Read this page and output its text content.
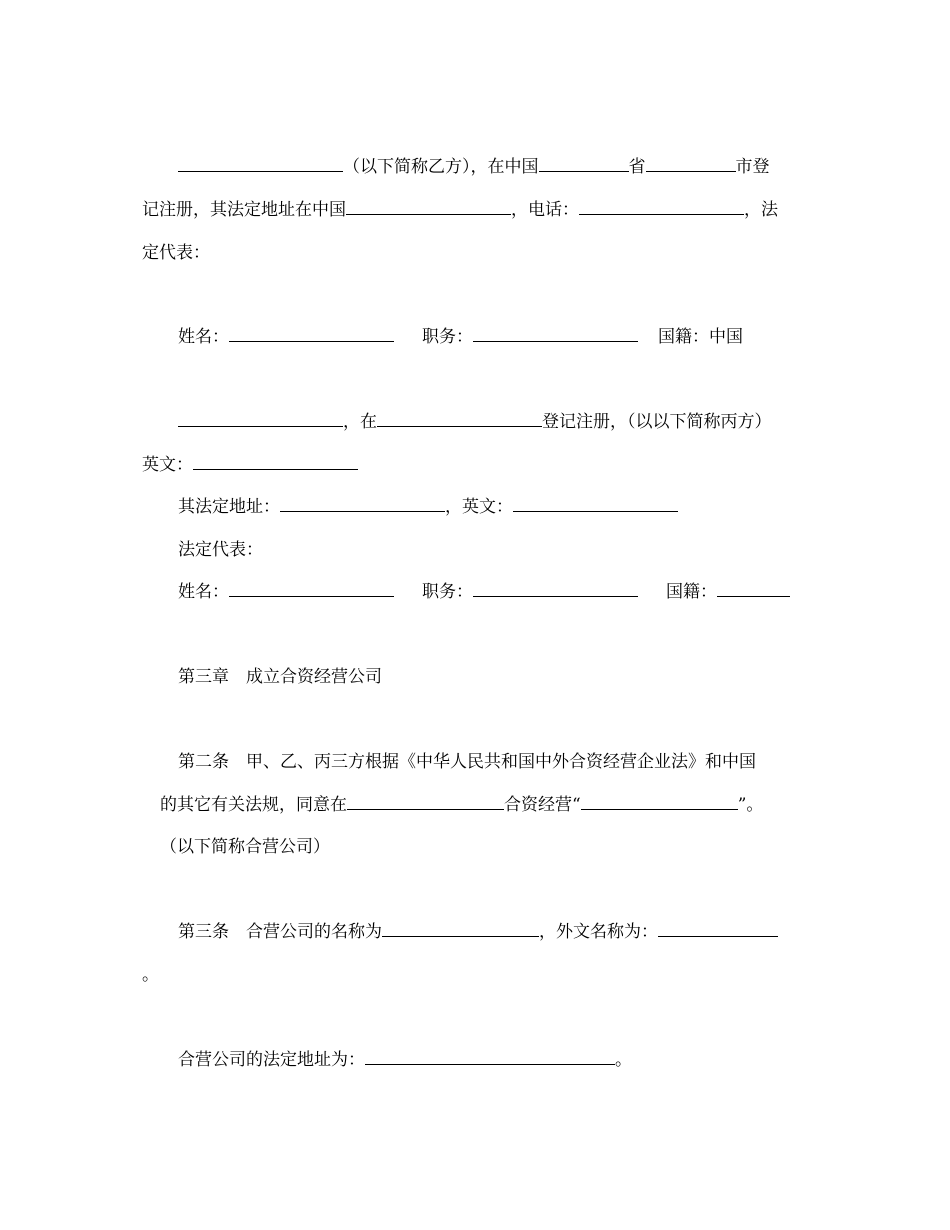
（以下简称乙方），在中国	省	市登
记注册，其法定地址在中国	，电话：	，法
定代表：
姓名：	职务：	国籍：中国
，在	登记注册，（以以下简称丙方）
英文：
其法定地址：	，英文：
法定代表：
姓名：	职务：	国籍：
第三章　成立合资经营公司
第二条　甲、乙、丙三方根据《中华人民共和国中外合资经营企业法》和中国
的其它有关法规，同意在	合资经营“	”。
（以下简称合营公司）
第三条　合营公司的名称为	，外文名称为：
。
合营公司的法定地址为：	。
